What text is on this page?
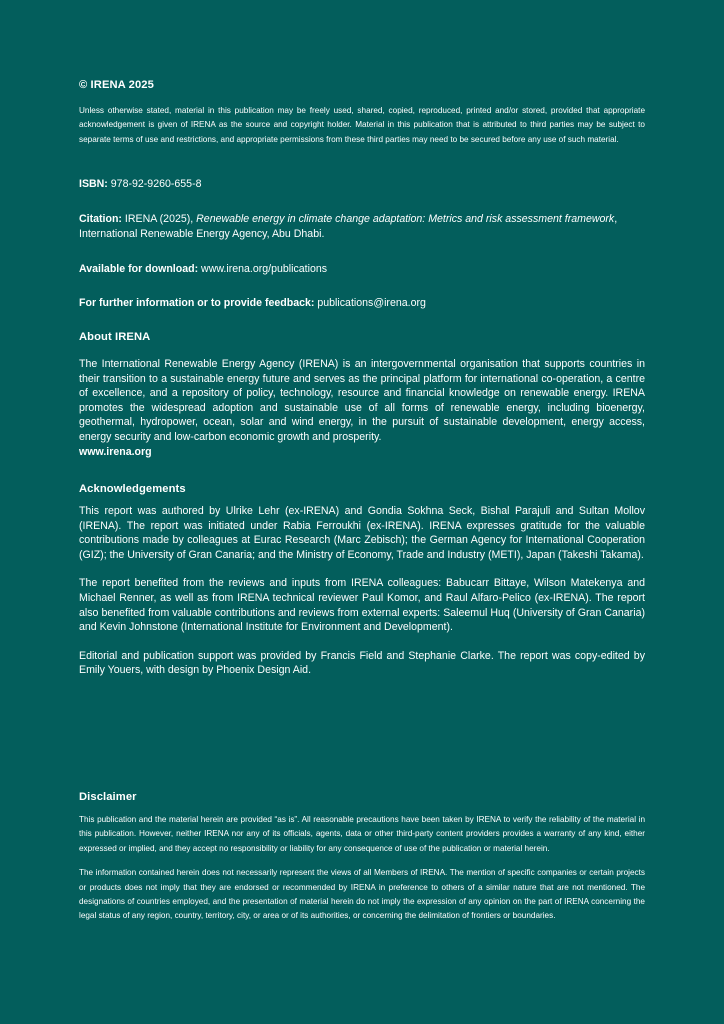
© IRENA 2025

Unless otherwise stated, material in this publication may be freely used, shared, copied, reproduced, printed and/or stored, provided that appropriate acknowledgement is given of IRENA as the source and copyright holder. Material in this publication that is attributed to third parties may be subject to separate terms of use and restrictions, and appropriate permissions from these third parties may need to be secured before any use of such material.

ISBN: 978-92-9260-655-8

Citation: IRENA (2025), Renewable energy in climate change adaptation: Metrics and risk assessment framework, International Renewable Energy Agency, Abu Dhabi.

Available for download: www.irena.org/publications

For further information or to provide feedback: publications@irena.org

About IRENA

The International Renewable Energy Agency (IRENA) is an intergovernmental organisation that supports countries in their transition to a sustainable energy future and serves as the principal platform for international co-operation, a centre of excellence, and a repository of policy, technology, resource and financial knowledge on renewable energy. IRENA promotes the widespread adoption and sustainable use of all forms of renewable energy, including bioenergy, geothermal, hydropower, ocean, solar and wind energy, in the pursuit of sustainable development, energy access, energy security and low-carbon economic growth and prosperity.

www.irena.org

Acknowledgements

This report was authored by Ulrike Lehr (ex-IRENA) and Gondia Sokhna Seck, Bishal Parajuli and Sultan Mollov (IRENA). The report was initiated under Rabia Ferroukhi (ex-IRENA). IRENA expresses gratitude for the valuable contributions made by colleagues at Eurac Research (Marc Zebisch); the German Agency for International Cooperation (GIZ); the University of Gran Canaria; and the Ministry of Economy, Trade and Industry (METI), Japan (Takeshi Takama).

The report benefited from the reviews and inputs from IRENA colleagues: Babucarr Bittaye, Wilson Matekenya and Michael Renner, as well as from IRENA technical reviewer Paul Komor, and Raul Alfaro-Pelico (ex-IRENA). The report also benefited from valuable contributions and reviews from external experts: Saleemul Huq (University of Gran Canaria) and Kevin Johnstone (International Institute for Environment and Development).

Editorial and publication support was provided by Francis Field and Stephanie Clarke. The report was copy-edited by Emily Youers, with design by Phoenix Design Aid.

Disclaimer

This publication and the material herein are provided “as is”. All reasonable precautions have been taken by IRENA to verify the reliability of the material in this publication. However, neither IRENA nor any of its officials, agents, data or other third-party content providers provides a warranty of any kind, either expressed or implied, and they accept no responsibility or liability for any consequence of use of the publication or material herein.

The information contained herein does not necessarily represent the views of all Members of IRENA. The mention of specific companies or certain projects or products does not imply that they are endorsed or recommended by IRENA in preference to others of a similar nature that are not mentioned. The designations of countries employed, and the presentation of material herein do not imply the expression of any opinion on the part of IRENA concerning the legal status of any region, country, territory, city, or area or of its authorities, or concerning the delimitation of frontiers or boundaries.
